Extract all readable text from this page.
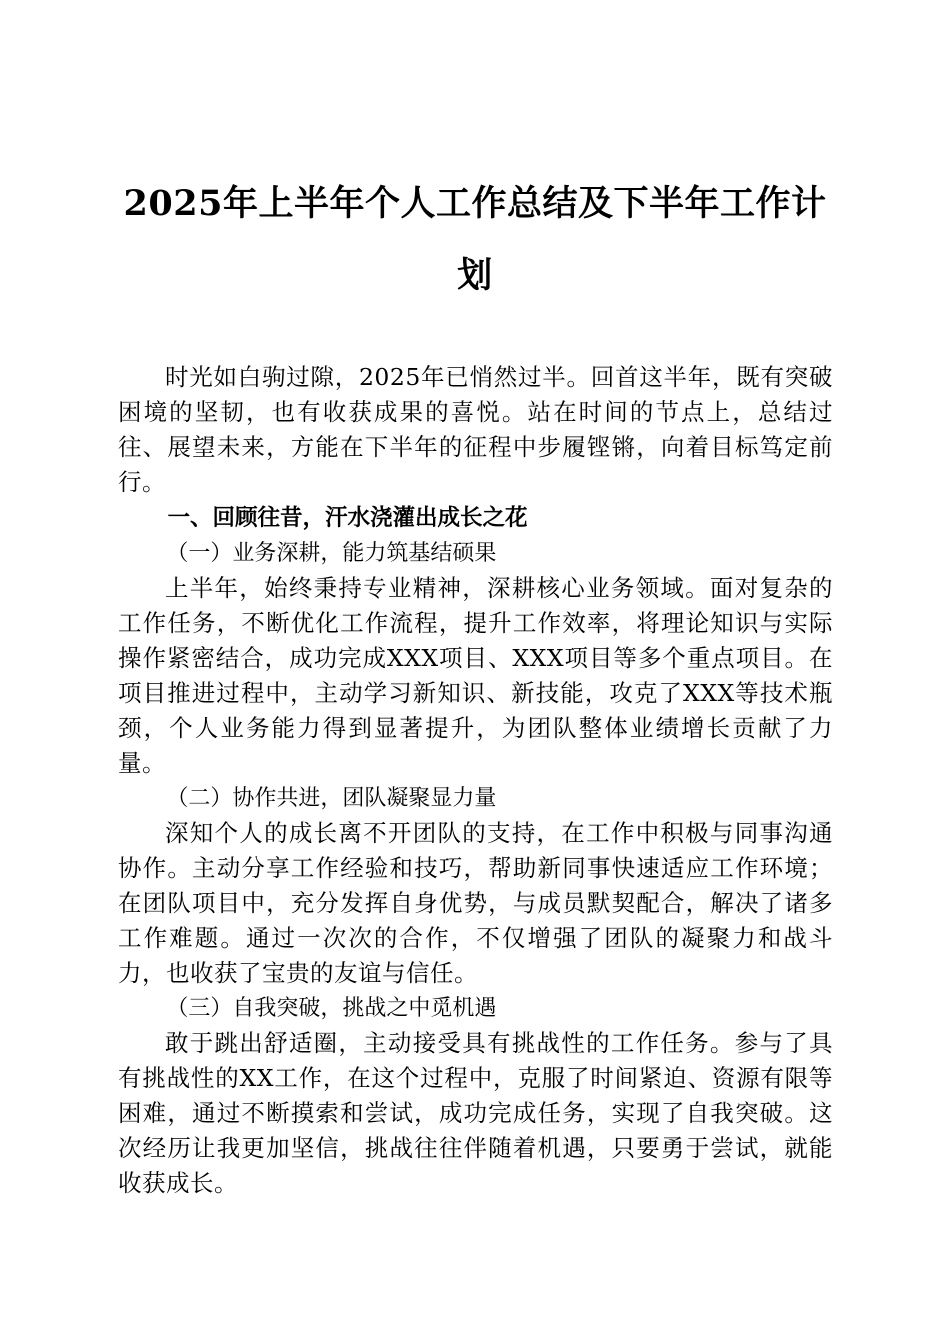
2025年上半年个人工作总结及下半年工作计划

时光如白驹过隙，2025年已悄然过半。回首这半年，既有突破困境的坚韧，也有收获成果的喜悦。站在时间的节点上，总结过往、展望未来，方能在下半年的征程中步履铿锵，向着目标笃定前行。

一、回顾往昔，汗水浇灌出成长之花

（一）业务深耕，能力筑基结硕果

上半年，始终秉持专业精神，深耕核心业务领域。面对复杂的工作任务，不断优化工作流程，提升工作效率，将理论知识与实际操作紧密结合，成功完成XXX项目、XXX项目等多个重点项目。在项目推进过程中，主动学习新知识、新技能，攻克了XXX等技术瓶颈，个人业务能力得到显著提升，为团队整体业绩增长贡献了力量。

（二）协作共进，团队凝聚显力量

深知个人的成长离不开团队的支持，在工作中积极与同事沟通协作。主动分享工作经验和技巧，帮助新同事快速适应工作环境；在团队项目中，充分发挥自身优势，与成员默契配合，解决了诸多工作难题。通过一次次的合作，不仅增强了团队的凝聚力和战斗力，也收获了宝贵的友谊与信任。

（三）自我突破，挑战之中觅机遇

敢于跳出舒适圈，主动接受具有挑战性的工作任务。参与了具有挑战性的XX工作，在这个过程中，克服了时间紧迫、资源有限等困难，通过不断摸索和尝试，成功完成任务，实现了自我突破。这次经历让我更加坚信，挑战往往伴随着机遇，只要勇于尝试，就能收获成长。
